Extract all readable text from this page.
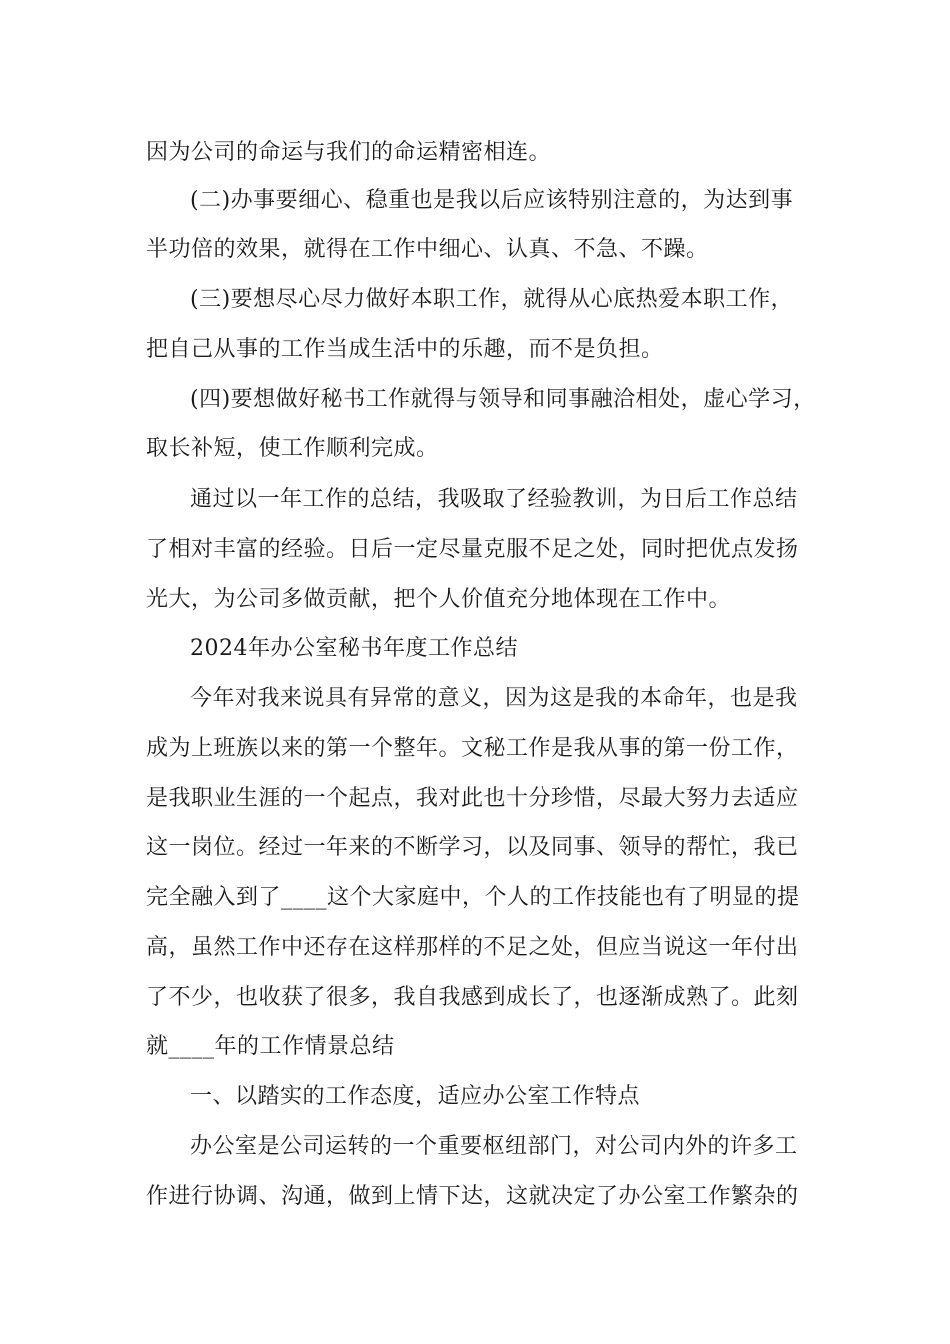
因为公司的命运与我们的命运精密相连。
(二)办事要细心、稳重也是我以后应该特别注意的，为达到事
半功倍的效果，就得在工作中细心、认真、不急、不躁。
(三)要想尽心尽力做好本职工作，就得从心底热爱本职工作，
把自己从事的工作当成生活中的乐趣，而不是负担。
(四)要想做好秘书工作就得与领导和同事融洽相处，虚心学习，
取长补短，使工作顺利完成。
通过以一年工作的总结，我吸取了经验教训，为日后工作总结
了相对丰富的经验。日后一定尽量克服不足之处，同时把优点发扬
光大，为公司多做贡献，把个人价值充分地体现在工作中。
2024年办公室秘书年度工作总结
今年对我来说具有异常的意义，因为这是我的本命年，也是我
成为上班族以来的第一个整年。文秘工作是我从事的第一份工作，
是我职业生涯的一个起点，我对此也十分珍惜，尽最大努力去适应
这一岗位。经过一年来的不断学习，以及同事、领导的帮忙，我已
完全融入到了____这个大家庭中，个人的工作技能也有了明显的提
高，虽然工作中还存在这样那样的不足之处，但应当说这一年付出
了不少，也收获了很多，我自我感到成长了，也逐渐成熟了。此刻
就____年的工作情景总结
一、以踏实的工作态度，适应办公室工作特点
办公室是公司运转的一个重要枢纽部门，对公司内外的许多工
作进行协调、沟通，做到上情下达，这就决定了办公室工作繁杂的
